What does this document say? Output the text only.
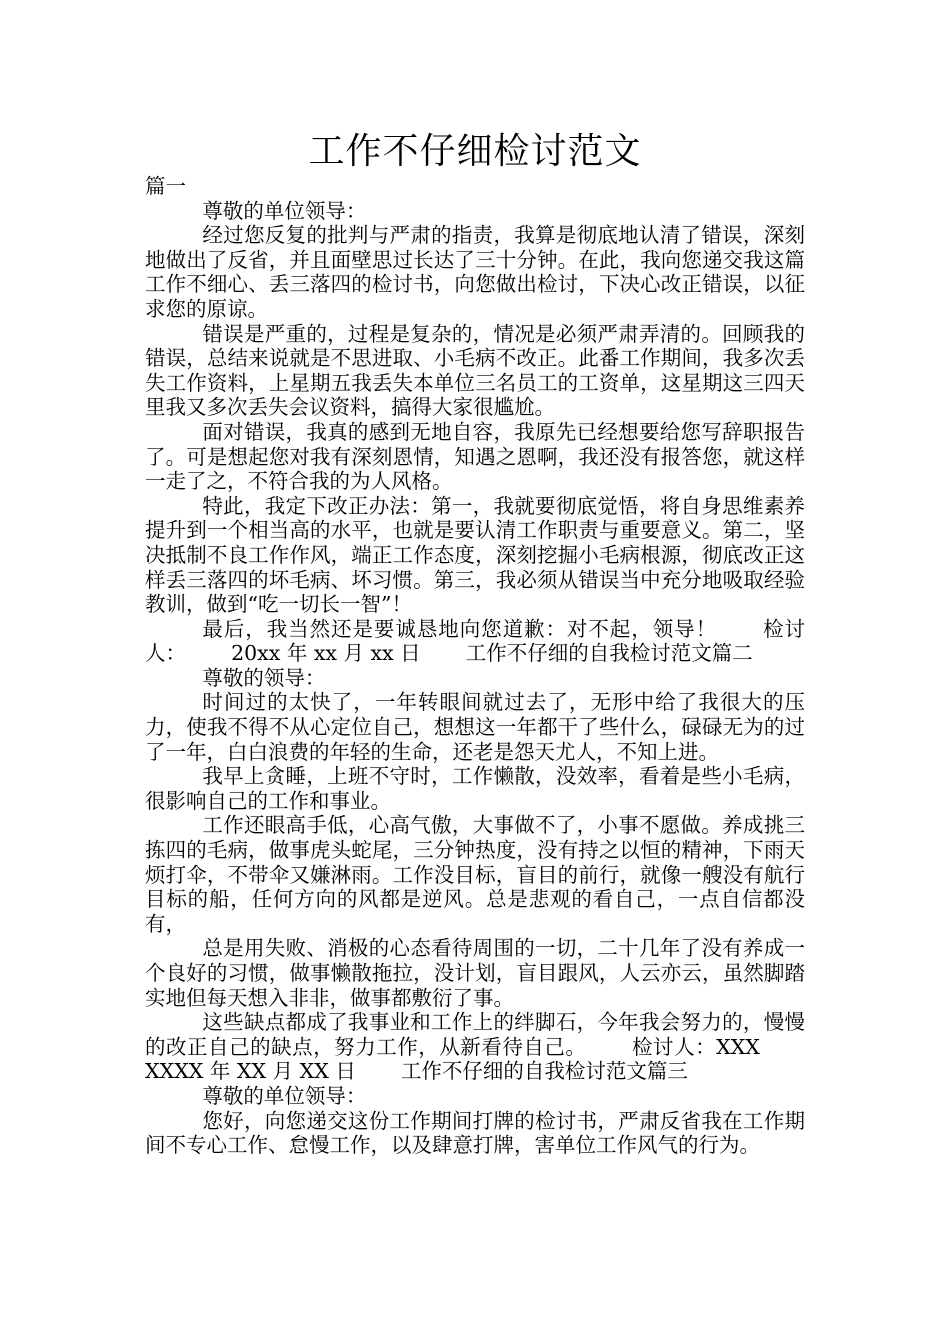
工作不仔细检讨范文

篇一

尊敬的单位领导：

经过您反复的批判与严肃的指责，我算是彻底地认清了错误，深刻地做出了反省，并且面壁思过长达了三十分钟。在此，我向您递交我这篇工作不细心、丢三落四的检讨书，向您做出检讨，下决心改正错误，以征求您的原谅。

错误是严重的，过程是复杂的，情况是必须严肃弄清的。回顾我的错误，总结来说就是不思进取、小毛病不改正。此番工作期间，我多次丢失工作资料，上星期五我丢失本单位三名员工的工资单，这星期这三四天里我又多次丢失会议资料，搞得大家很尴尬。

面对错误，我真的感到无地自容，我原先已经想要给您写辞职报告了。可是想起您对我有深刻恩情，知遇之恩啊，我还没有报答您，就这样一走了之，不符合我的为人风格。

特此，我定下改正办法：第一，我就要彻底觉悟，将自身思维素养提升到一个相当高的水平，也就是要认清工作职责与重要意义。第二，坚决抵制不良工作作风，端正工作态度，深刻挖掘小毛病根源，彻底改正这样丢三落四的坏毛病、坏习惯。第三，我必须从错误当中充分地吸取经验教训，做到“吃一切长一智”！

最后，我当然还是要诚恳地向您道歉：对不起，领导！ 检讨人： 20xx 年 xx 月 xx 日 工作不仔细的自我检讨范文篇二

尊敬的领导：

时间过的太快了，一年转眼间就过去了，无形中给了我很大的压力，使我不得不从心定位自己，想想这一年都干了些什么，碌碌无为的过了一年，白白浪费的年轻的生命，还老是怨天尤人，不知上进。

我早上贪睡，上班不守时，工作懒散，没效率，看着是些小毛病，很影响自己的工作和事业。

工作还眼高手低，心高气傲，大事做不了，小事不愿做。养成挑三拣四的毛病，做事虎头蛇尾，三分钟热度，没有持之以恒的精神，下雨天烦打伞，不带伞又嫌淋雨。工作没目标，盲目的前行，就像一艘没有航行目标的船，任何方向的风都是逆风。总是悲观的看自己，一点自信都没有，

总是用失败、消极的心态看待周围的一切，二十几年了没有养成一个良好的习惯，做事懒散拖拉，没计划，盲目跟风，人云亦云，虽然脚踏实地但每天想入非非，做事都敷衍了事。

这些缺点都成了我事业和工作上的绊脚石，今年我会努力的，慢慢的改正自己的缺点，努力工作，从新看待自己。 检讨人：XXXXXXX 年 XX 月 XX 日 工作不仔细的自我检讨范文篇三

尊敬的单位领导：

您好，向您递交这份工作期间打牌的检讨书，严肃反省我在工作期间不专心工作、怠慢工作，以及肆意打牌，害单位工作风气的行为。
